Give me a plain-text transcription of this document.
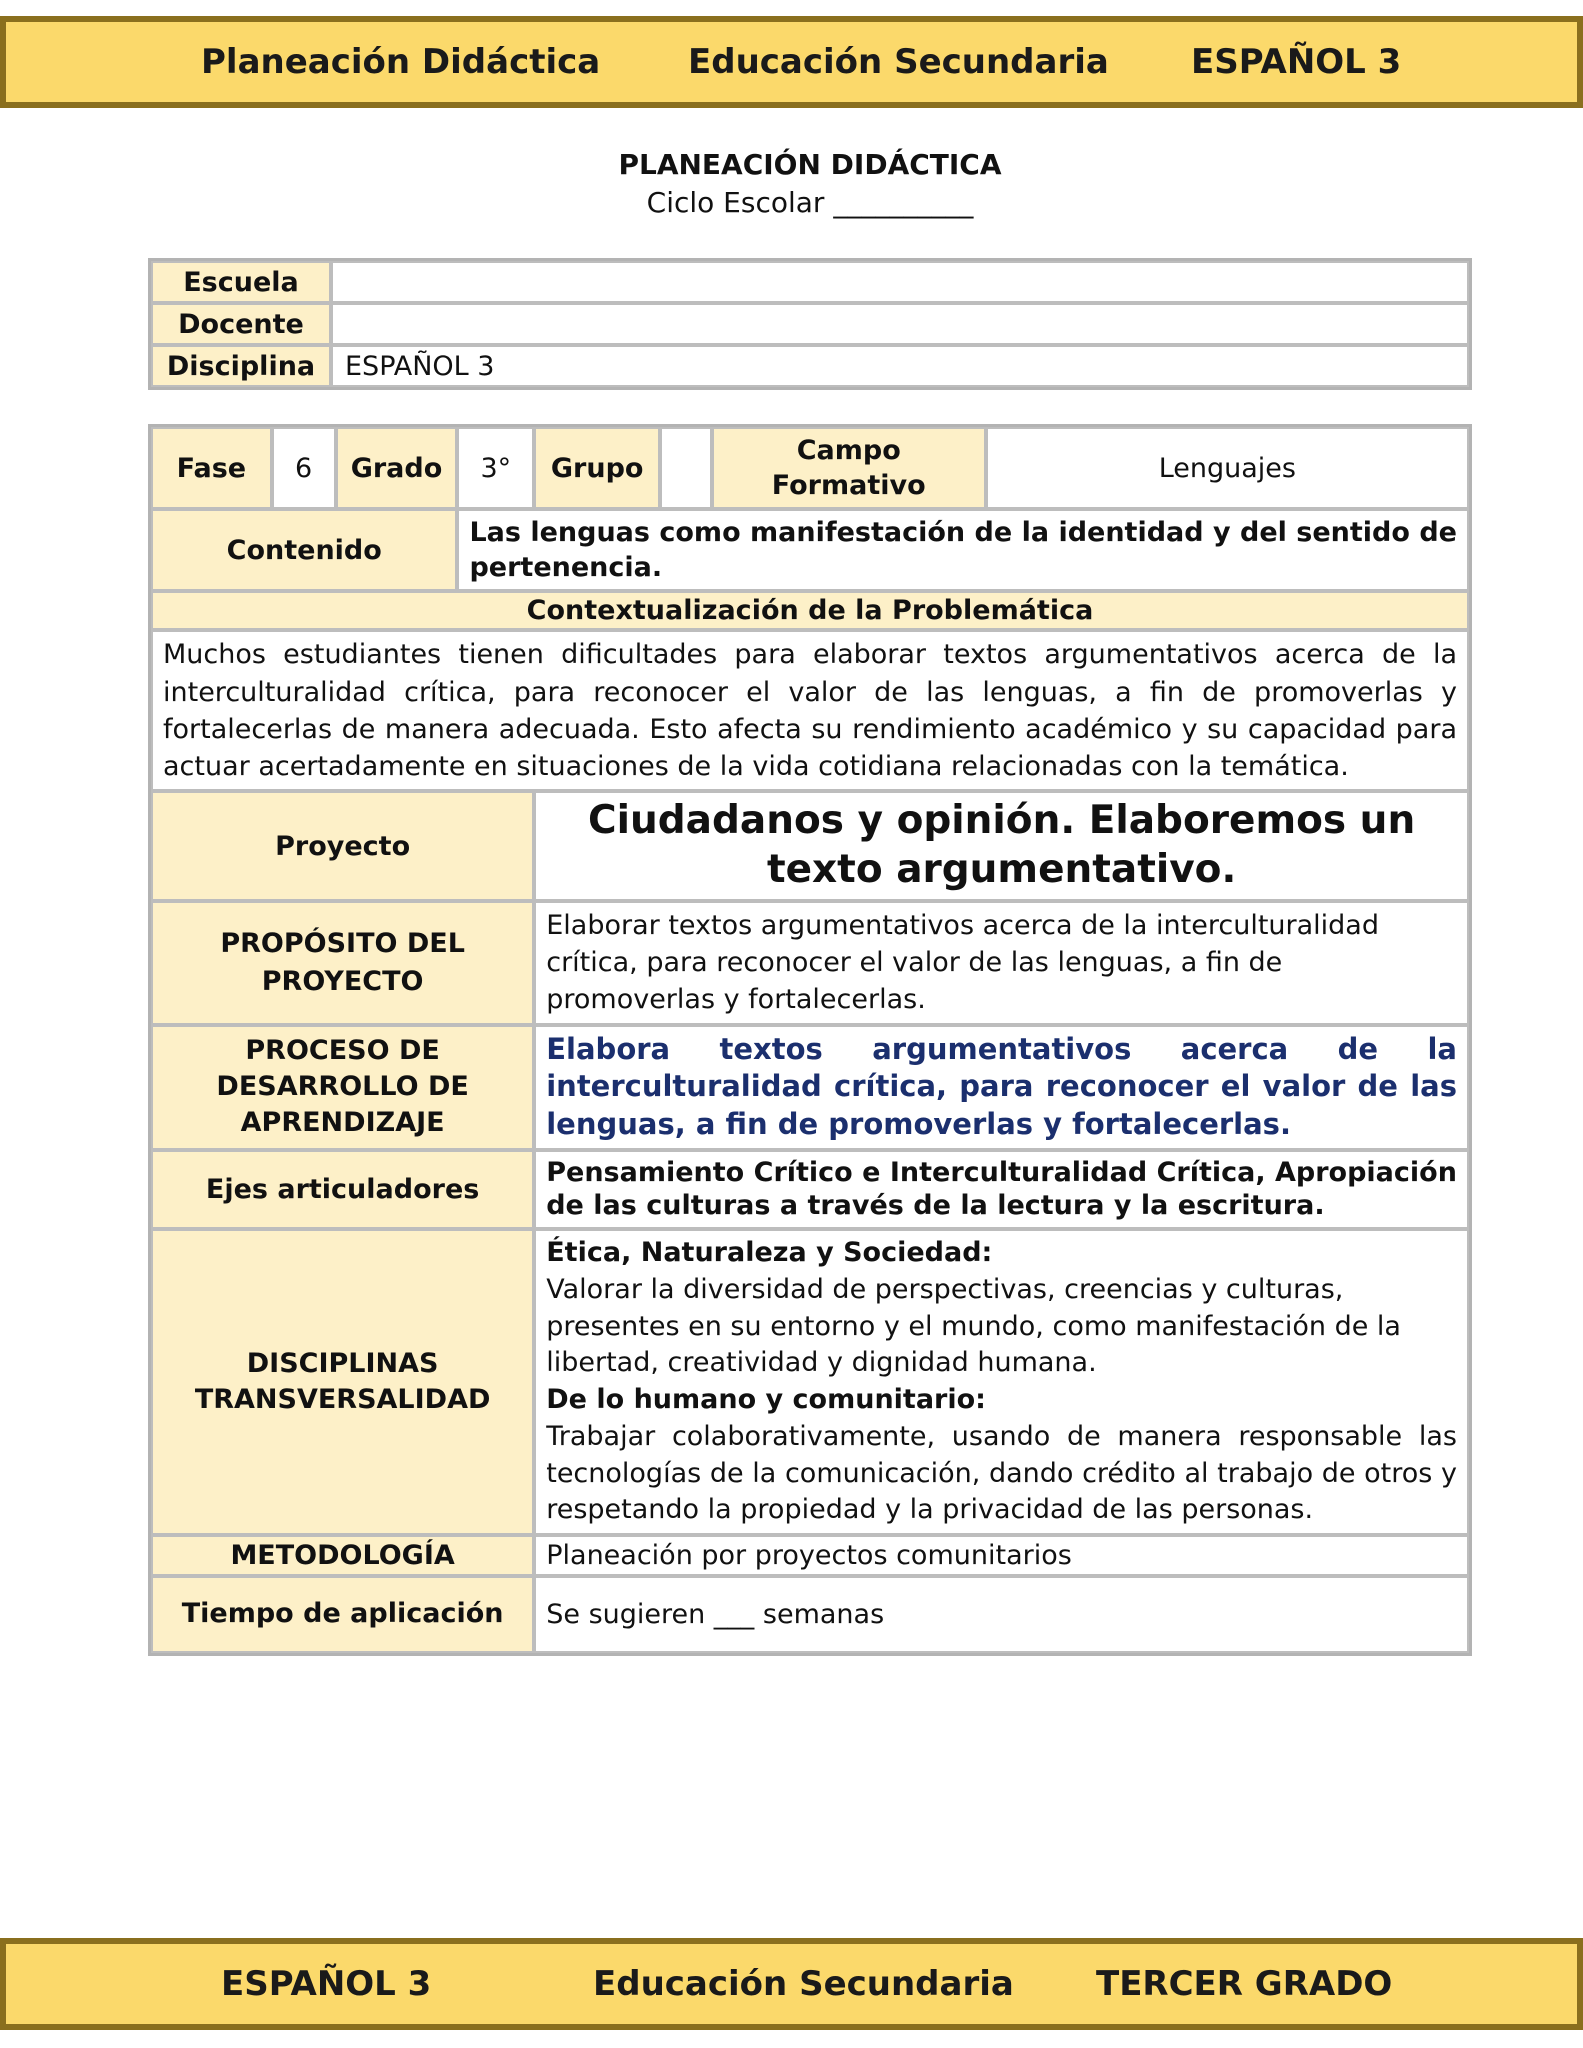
Planeación Didáctica	Educación Secundaria ESPAÑOL 3
PLANEACIÓN DIDÁCTICA
Ciclo Escolar __________
Escuela	
Docente	
Disciplina	ESPAÑOL 3
Fase	6	Grado	3°	Grupo		Campo Formativo	Lenguajes
Contenido			Las lenguas como manifestación de la identidad y del sentido de pertenencia.				
Contextualización de la Problemática							
Muchos estudiantes tienen dificultades para elaborar textos argumentativos acerca de la interculturalidad crítica, para reconocer el valor de las lenguas, a fin de promoverlas y fortalecerlas de manera adecuada. Esto afecta su rendimiento académico y su capacidad para actuar acertadamente en situaciones de la vida cotidiana relacionadas con la temática.							
Proyecto				Ciudadanos y opinión. Elaboremos un texto argumentativo.			
PROPÓSITO DEL PROYECTO				Elaborar textos argumentativos acerca de la interculturalidad crítica, para reconocer el valor de las lenguas, a fin de promoverlas y fortalecerlas.			
PROCESO DE DESARROLLO DE APRENDIZAJE				Elabora textos argumentativos acerca de la interculturalidad crítica, para reconocer el valor de las lenguas, a fin de promoverlas y fortalecerlas.			
Ejes articuladores				Pensamiento Crítico e Interculturalidad Crítica, Apropiación de las culturas a través de la lectura y la escritura.			
DISCIPLINAS TRANSVERSALIDAD				Ética, Naturaleza y Sociedad:
Valorar la diversidad de perspectivas, creencias y culturas, presentes en su entorno y el mundo, como manifestación de la libertad, creatividad y dignidad humana.
De lo humano y comunitario:
Trabajar colaborativamente, usando de manera responsable las tecnologías de la comunicación, dando crédito al trabajo de otros y respetando la propiedad y la privacidad de las personas.			

METODOLOGÍA				Planeación por proyectos comunitarios			
Tiempo de aplicación				Se sugieren ___ semanas			
ESPAÑOL 3	Educación Secundaria TERCER GRADO
